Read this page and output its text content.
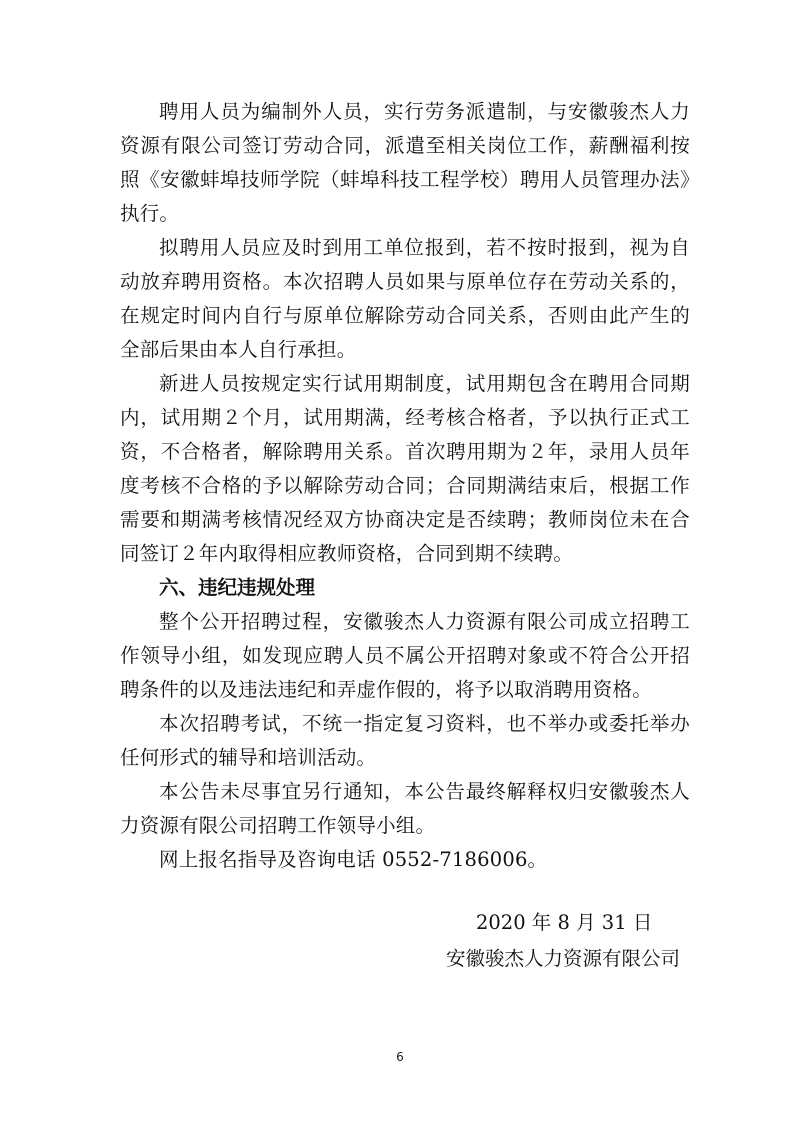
聘用人员为编制外人员，实行劳务派遣制，与安徽骏杰人力资源有限公司签订劳动合同，派遣至相关岗位工作，薪酬福利按照《安徽蚌埠技师学院（蚌埠科技工程学校）聘用人员管理办法》执行。

拟聘用人员应及时到用工单位报到，若不按时报到，视为自动放弃聘用资格。本次招聘人员如果与原单位存在劳动关系的，在规定时间内自行与原单位解除劳动合同关系，否则由此产生的全部后果由本人自行承担。

新进人员按规定实行试用期制度，试用期包含在聘用合同期内，试用期２个月，试用期满，经考核合格者，予以执行正式工资，不合格者，解除聘用关系。首次聘用期为２年，录用人员年度考核不合格的予以解除劳动合同；合同期满结束后，根据工作需要和期满考核情况经双方协商决定是否续聘；教师岗位未在合同签订２年内取得相应教师资格，合同到期不续聘。

六、违纪违规处理

整个公开招聘过程，安徽骏杰人力资源有限公司成立招聘工作领导小组，如发现应聘人员不属公开招聘对象或不符合公开招聘条件的以及违法违纪和弄虚作假的，将予以取消聘用资格。

本次招聘考试，不统一指定复习资料，也不举办或委托举办任何形式的辅导和培训活动。

本公告未尽事宜另行通知，本公告最终解释权归安徽骏杰人力资源有限公司招聘工作领导小组。

网上报名指导及咨询电话 0552-7186006。

2020 年 8 月 31 日

安徽骏杰人力资源有限公司

6
